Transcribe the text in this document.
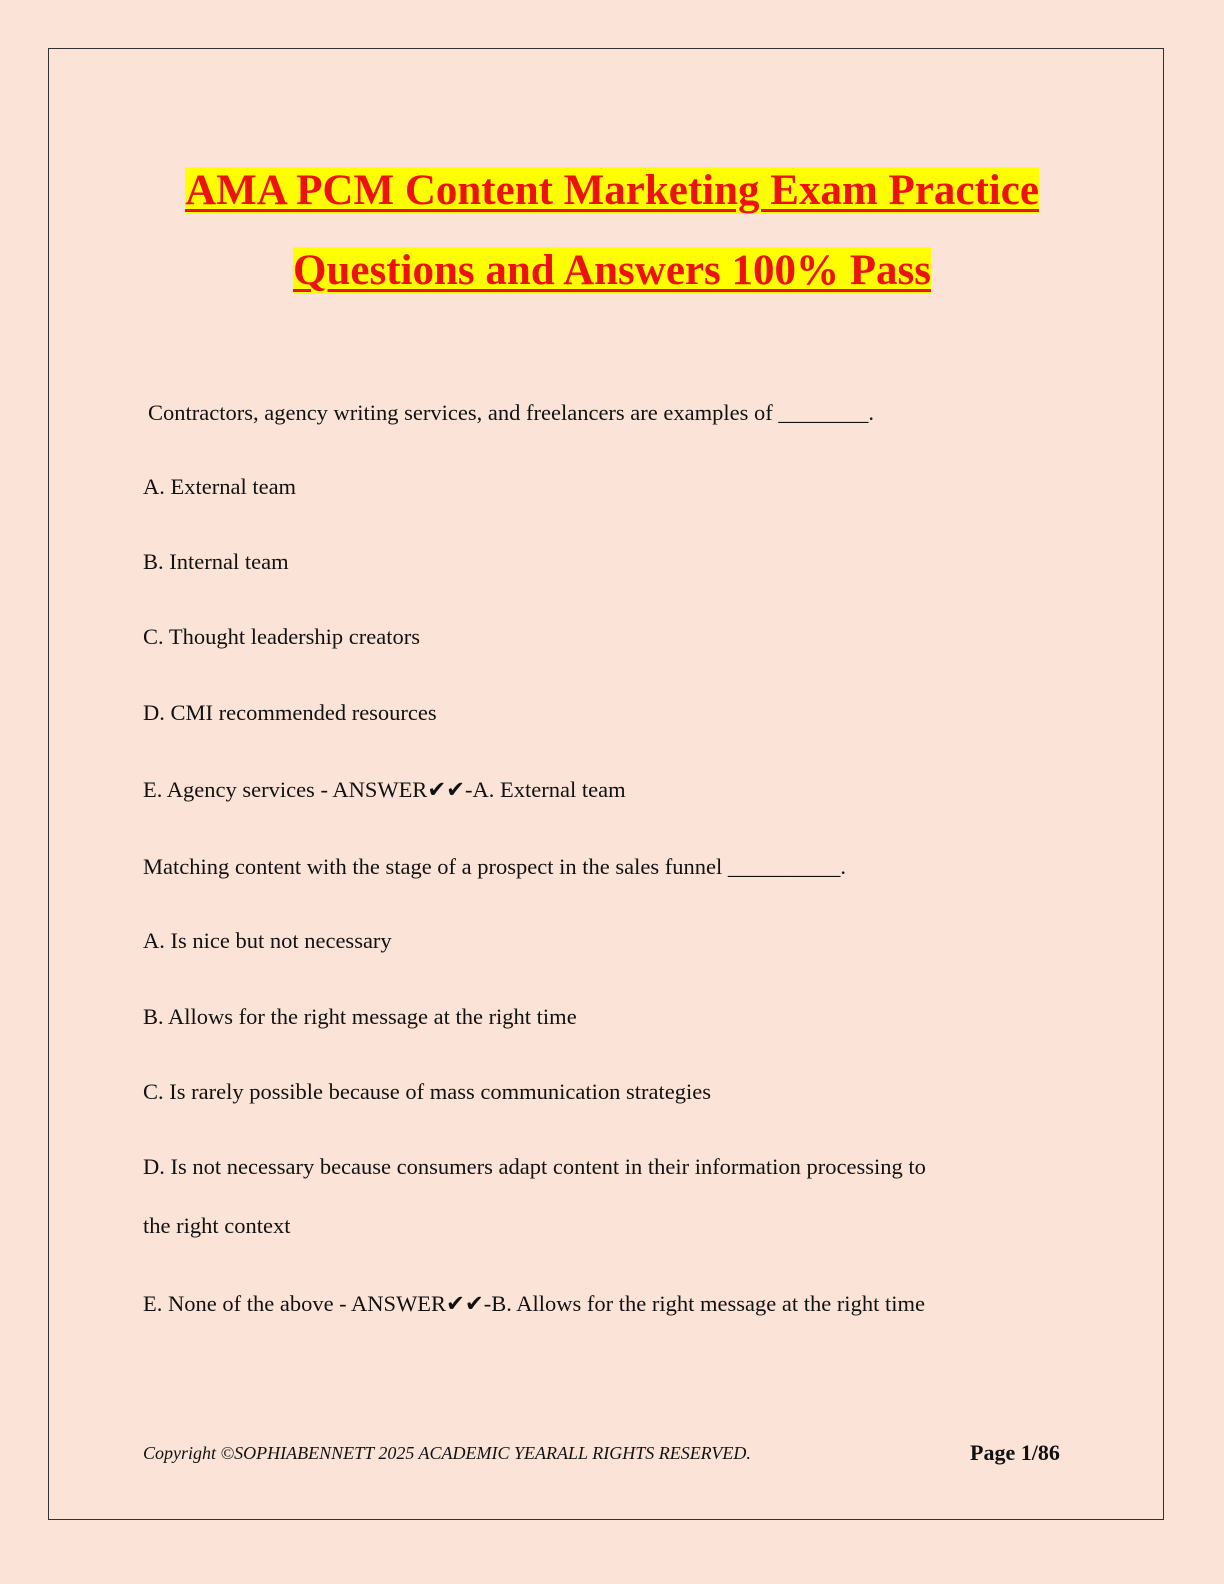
AMA PCM Content Marketing Exam Practice
Questions and Answers 100% Pass
Contractors, agency writing services, and freelancers are examples of ________.
A. External team
B. Internal team
C. Thought leadership creators
D. CMI recommended resources
E. Agency services - ANSWER✔✔-A. External team
Matching content with the stage of a prospect in the sales funnel __________.
A. Is nice but not necessary
B. Allows for the right message at the right time
C. Is rarely possible because of mass communication strategies
D. Is not necessary because consumers adapt content in their information processing to
the right context
E. None of the above - ANSWER✔✔-B. Allows for the right message at the right time
Copyright ©SOPHIABENNETT 2025 ACADEMIC YEARALL RIGHTS RESERVED.	Page 1/86
